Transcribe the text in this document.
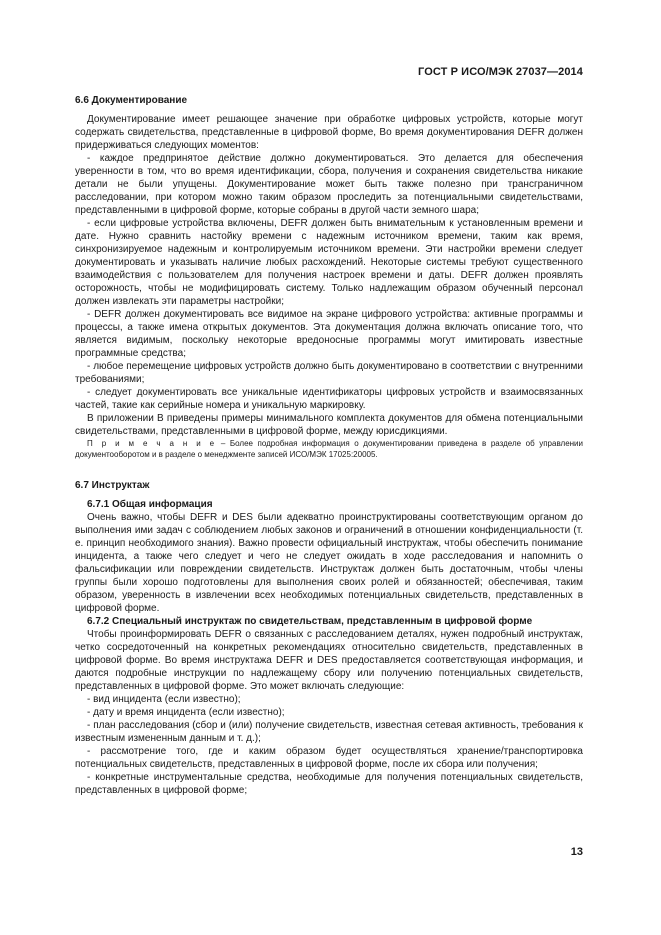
ГОСТ Р ИСО/МЭК 27037—2014
6.6 Документирование

Документирование имеет решающее значение при обработке цифровых устройств, которые могут содержать свидетельства, представленные в цифровой форме, Во время документирования DEFR должен придерживаться следующих моментов:

- каждое предпринятое действие должно документироваться. Это делается для обеспечения уверенности в том, что во время идентификации, сбора, получения и сохранения свидетельства никакие детали не были упущены. Документирование может быть также полезно при трансграничном расследовании, при котором можно таким образом проследить за потенциальными свидетельствами, представленными в цифровой форме, которые собраны в другой части земного шара;

- если цифровые устройства включены, DEFR должен быть внимательным к установленным времени и дате. Нужно сравнить настойку времени с надежным источником времени, таким как время, синхронизируемое надежным и контролируемым источником времени. Эти настройки времени следует документировать и указывать наличие любых расхождений. Некоторые системы требуют существенного взаимодействия с пользователем для получения настроек времени и даты. DEFR должен проявлять осторожность, чтобы не модифицировать систему. Только надлежащим образом обученный персонал должен извлекать эти параметры настройки;

- DEFR должен документировать все видимое на экране цифрового устройства: активные программы и процессы, а также имена открытых документов. Эта документация должна включать описание того, что является видимым, поскольку некоторые вредоносные программы могут имитировать известные программные средства;

- любое перемещение цифровых устройств должно быть документировано в соответствии с внутренними требованиями;

- следует документировать все уникальные идентификаторы цифровых устройств и взаимосвязанных частей, такие как серийные номера и уникальную маркировку.

В приложении В приведены примеры минимального комплекта документов для обмена потенциальными свидетельствами, представленными в цифровой форме, между юрисдикциями.

П р и м е ч а н и е – Более подробная информация о документировании приведена в разделе об управлении документооборотом и в разделе о менеджменте записей ИСО/МЭК 17025:20005.

6.7 Инструктаж
6.7.1 Общая информация

Очень важно, чтобы DEFR и DES были адекватно проинструктированы соответствующим органом до выполнения ими задач с соблюдением любых законов и ограничений в отношении конфиденциальности (т. е. принцип необходимого знания). Важно провести официальный инструктаж, чтобы обеспечить понимание инцидента, а также чего следует и чего не следует ожидать в ходе расследования и напомнить о фальсификации или повреждении свидетельств. Инструктаж должен быть достаточным, чтобы члены группы были хорошо подготовлены для выполнения своих ролей и обязанностей; обеспечивая, таким образом, уверенность в извлечении всех необходимых потенциальных свидетельств, представленных в цифровой форме.

6.7.2 Специальный инструктаж по свидетельствам, представленным в цифровой форме

Чтобы проинформировать DEFR о связанных с расследованием деталях, нужен подробный инструктаж, четко сосредоточенный на конкретных рекомендациях относительно свидетельств, представленных в цифровой форме. Во время инструктажа DEFR и DES предоставляется соответствующая информация, и даются подробные инструкции по надлежащему сбору или получению потенциальных свидетельств, представленных в цифровой форме. Это может включать следующие:

- вид инцидента (если известно);

- дату и время инцидента (если известно);

- план расследования (сбор и (или) получение свидетельств, известная сетевая активность, требования к известным измененным данным и т. д.);

- рассмотрение того, где и каким образом будет осуществляться хранение/транспортировка потенциальных свидетельств, представленных в цифровой форме, после их сбора или получения;

- конкретные инструментальные средства, необходимые для получения потенциальных свидетельств, представленных в цифровой форме;

13
